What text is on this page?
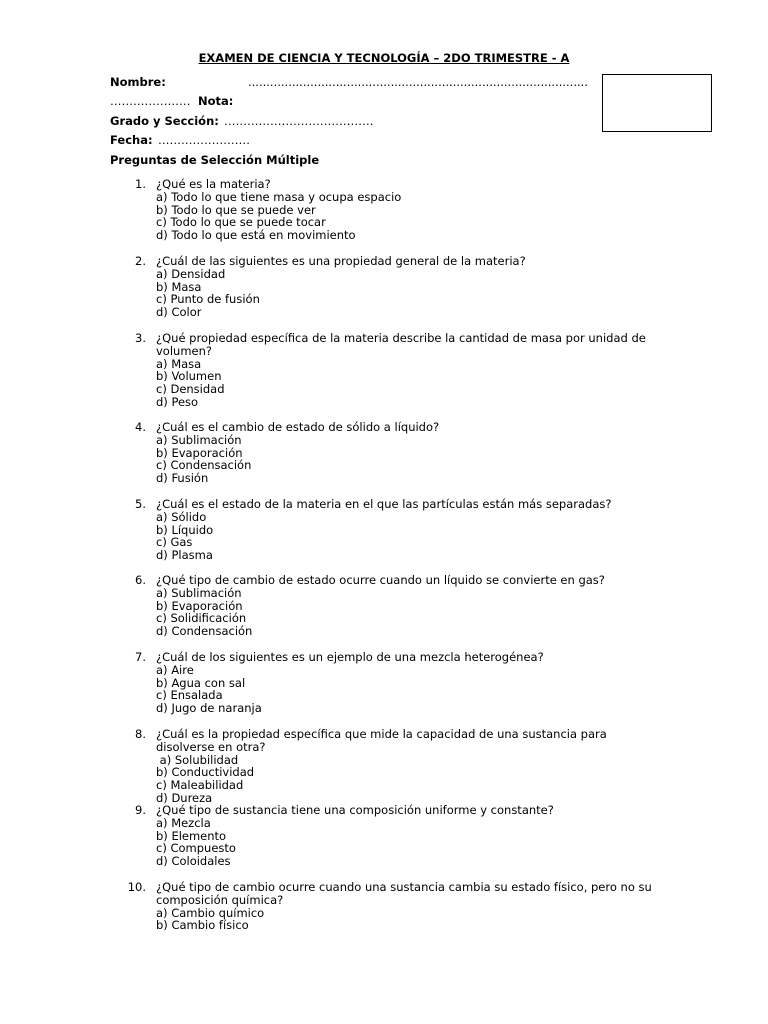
EXAMEN DE CIENCIA Y TECNOLOGÍA – 2DO TRIMESTRE - A
Nombre:	.............................................................................................
………………… Nota:
Grado y Sección: …………………………………
Fecha: ……………………
Preguntas de Selección Múltiple
1. ¿Qué es la materia?
a) Todo lo que tiene masa y ocupa espacio
b) Todo lo que se puede ver
c) Todo lo que se puede tocar
d) Todo lo que está en movimiento
2. ¿Cuál de las siguientes es una propiedad general de la materia?
a) Densidad
b) Masa
c) Punto de fusión
d) Color
3. ¿Qué propiedad específica de la materia describe la cantidad de masa por unidad de volumen?
a) Masa
b) Volumen
c) Densidad
d) Peso
4. ¿Cuál es el cambio de estado de sólido a líquido?
a) Sublimación
b) Evaporación
c) Condensación
d) Fusión
5. ¿Cuál es el estado de la materia en el que las partículas están más separadas?
a) Sólido
b) Líquido
c) Gas
d) Plasma
6. ¿Qué tipo de cambio de estado ocurre cuando un líquido se convierte en gas?
a) Sublimación
b) Evaporación
c) Solidificación
d) Condensación
7. ¿Cuál de los siguientes es un ejemplo de una mezcla heterogénea?
a) Aire
b) Agua con sal
c) Ensalada
d) Jugo de naranja
8. ¿Cuál es la propiedad específica que mide la capacidad de una sustancia para disolverse en otra?
a) Solubilidad
b) Conductividad
c) Maleabilidad
d) Dureza
9. ¿Qué tipo de sustancia tiene una composición uniforme y constante?
a) Mezcla
b) Elemento
c) Compuesto
d) Coloidales
10. ¿Qué tipo de cambio ocurre cuando una sustancia cambia su estado físico, pero no su composición química?
a) Cambio químico
b) Cambio físico
